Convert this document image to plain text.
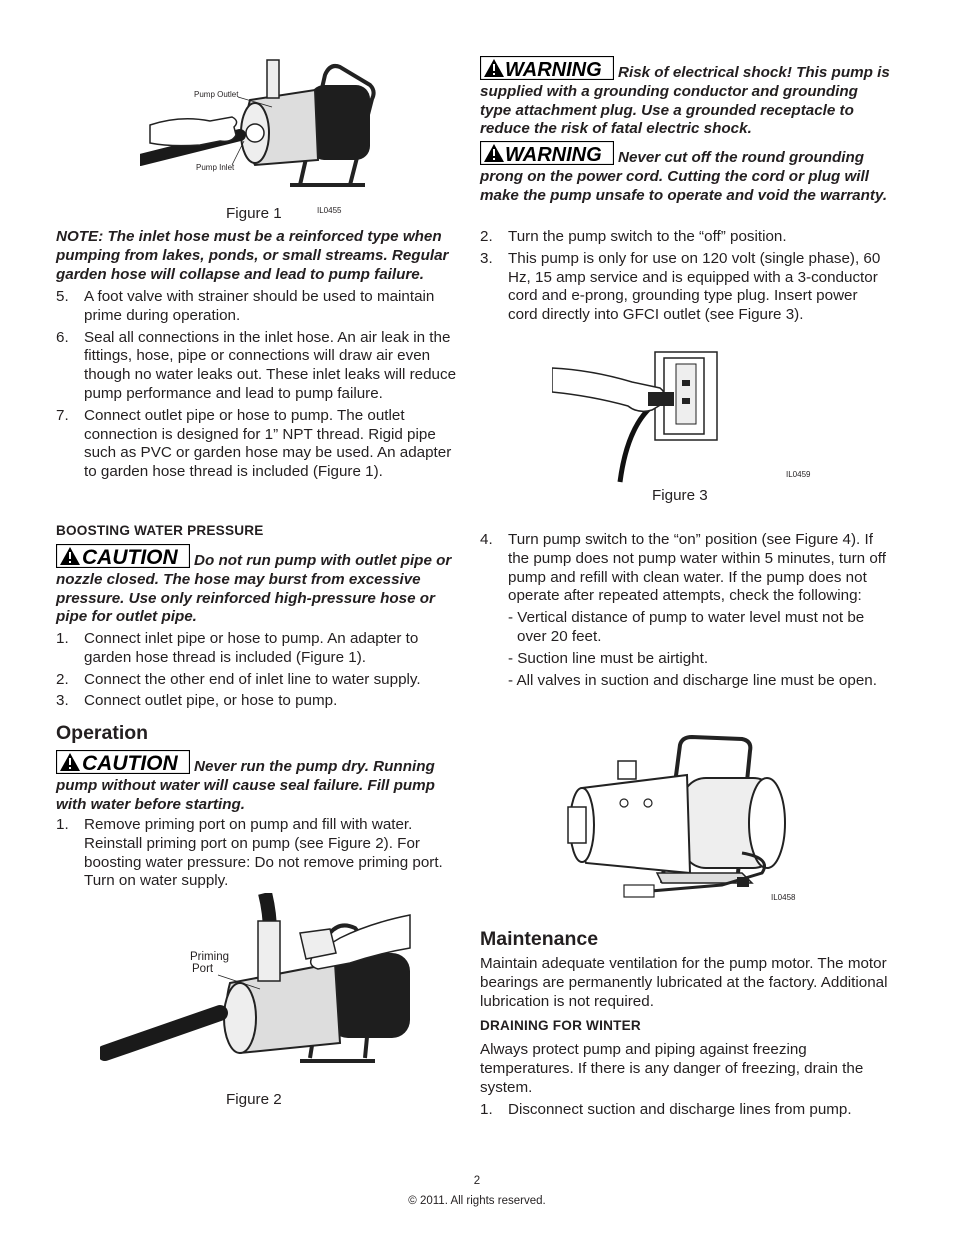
Pump Outlet
Pump Inlet
Figure 1	IL0455
NOTE: The inlet hose must be a reinforced type when pumping from lakes, ponds, or small streams. Regular garden hose will collapse and lead to pump failure.
5. A foot valve with strainer should be used to maintain prime during operation.
6. Seal all connections in the inlet hose. An air leak in the fittings, hose, pipe or connections will draw air even though no water leaks out. These inlet leaks will reduce pump performance and lead to pump failure.
7. Connect outlet pipe or hose to pump. The outlet connection is designed for 1” NPT thread. Rigid pipe such as PVC or garden hose may be used. An adapter to garden hose thread is included (Figure 1).
BOOSTING WATER PRESSURE
CAUTION Do not run pump with outlet pipe or nozzle closed. The hose may burst from excessive pressure. Use only reinforced high-pressure hose or pipe for outlet pipe.
1. Connect inlet pipe or hose to pump. An adapter to garden hose thread is included (Figure 1).
2. Connect the other end of inlet line to water supply.
3. Connect outlet pipe, or hose to pump.
Operation
CAUTION Never run the pump dry. Running pump without water will cause seal failure. Fill pump with water before starting.
1. Remove priming port on pump and fill with water. Reinstall priming port on pump (see Figure 2). For boosting water pressure: Do not remove priming port. Turn on water supply.
Priming
Port
Figure 2
WARNING Risk of electrical shock! This pump is supplied with a grounding conductor and grounding type attachment plug. Use a grounded receptacle to reduce the risk of fatal electric shock.
WARNING Never cut off the round grounding prong on the power cord. Cutting the cord or plug will make the pump unsafe to operate and void the warranty.
2. Turn the pump switch to the “off” position.
3. This pump is only for use on 120 volt (single phase), 60 Hz, 15 amp service and is equipped with a 3-conductor cord and e-prong, grounding type plug. Insert power cord directly into GFCI outlet (see Figure 3).
IL0459
Figure 3
4. Turn pump switch to the “on” position (see Figure 4). If the pump does not pump water within 5 minutes, turn off pump and refill with clean water. If the pump does not operate after repeated attempts, check the following:
- Vertical distance of pump to water level must not be over 20 feet.
- Suction line must be airtight.
- All valves in suction and discharge line must be open.
IL0458
Maintenance
Maintain adequate ventilation for the pump motor. The motor bearings are permanently lubricated at the factory. Additional lubrication is not required.
DRAINING FOR WINTER
Always protect pump and piping against freezing temperatures. If there is any danger of freezing, drain the system.
1. Disconnect suction and discharge lines from pump.
2
© 2011. All rights reserved.
